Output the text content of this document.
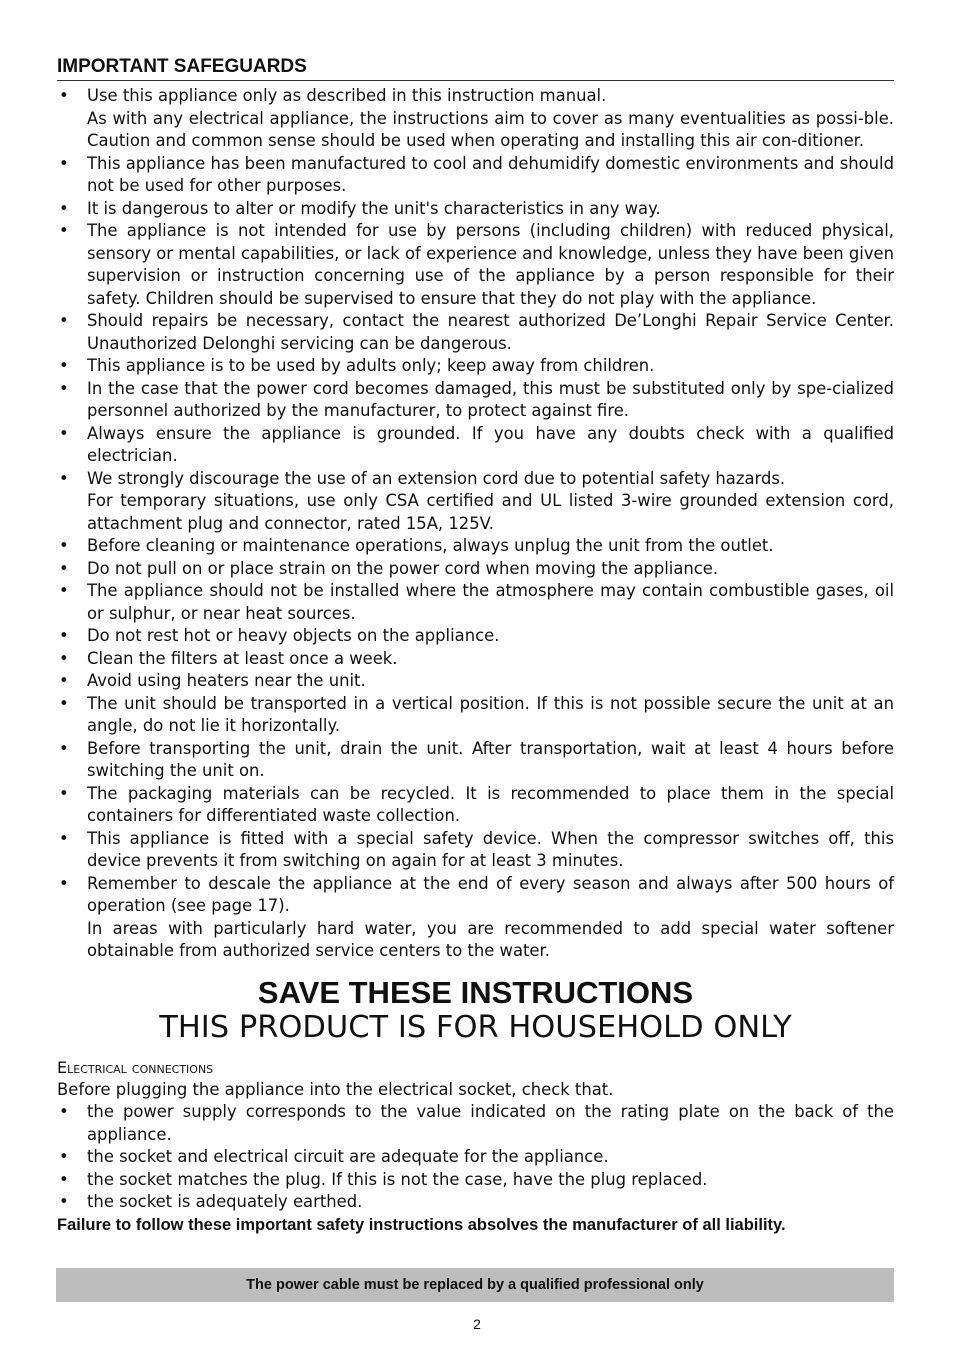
IMPORTANT SAFEGUARDS
• Use this appliance only as described in this instruction manual.

As with any electrical appliance, the instructions aim to cover as many eventualities as possi-ble. Caution and common sense should be used when operating and installing this air con-ditioner.

• This appliance has been manufactured to cool and dehumidify domestic environments and should not be used for other purposes.

• It is dangerous to alter or modify the unit's characteristics in any way.

• The appliance is not intended for use by persons (including children) with reduced physical, sensory or mental capabilities, or lack of experience and knowledge, unless they have been given supervision or instruction concerning use of the appliance by a person responsible for their safety. Children should be supervised to ensure that they do not play with the appliance.

• Should repairs be necessary, contact the nearest authorized De’Longhi Repair Service Center. Unauthorized Delonghi servicing can be dangerous.

• This appliance is to be used by adults only; keep away from children.

• In the case that the power cord becomes damaged, this must be substituted only by spe-cialized personnel authorized by the manufacturer, to protect against fire.

• Always ensure the appliance is grounded. If you have any doubts check with a qualified electrician.

• We strongly discourage the use of an extension cord due to potential safety hazards.

For temporary situations, use only CSA certified and UL listed 3-wire grounded extension cord, attachment plug and connector, rated 15A, 125V.

• Before cleaning or maintenance operations, always unplug the unit from the outlet.

• Do not pull on or place strain on the power cord when moving the appliance.

• The appliance should not be installed where the atmosphere may contain combustible gases, oil or sulphur, or near heat sources.

• Do not rest hot or heavy objects on the appliance.

• Clean the filters at least once a week.

• Avoid using heaters near the unit.

• The unit should be transported in a vertical position. If this is not possible secure the unit at an angle, do not lie it horizontally.

• Before transporting the unit, drain the unit. After transportation, wait at least 4 hours before switching the unit on.

• The packaging materials can be recycled. It is recommended to place them in the special containers for differentiated waste collection.

• This appliance is fitted with a special safety device. When the compressor switches off, this device prevents it from switching on again for at least 3 minutes.

• Remember to descale the appliance at the end of every season and always after 500 hours of operation (see page 17).

In areas with particularly hard water, you are recommended to add special water softener obtainable from authorized service centers to the water.

SAVE THESE INSTRUCTIONS
THIS PRODUCT IS FOR HOUSEHOLD ONLY
Electrical connections

Before plugging the appliance into the electrical socket, check that.

• the power supply corresponds to the value indicated on the rating plate on the back of the appliance.

• the socket and electrical circuit are adequate for the appliance.

• the socket matches the plug. If this is not the case, have the plug replaced.

• the socket is adequately earthed.

Failure to follow these important safety instructions absolves the manufacturer of all liability.

The power cable must be replaced by a qualified professional only
2
